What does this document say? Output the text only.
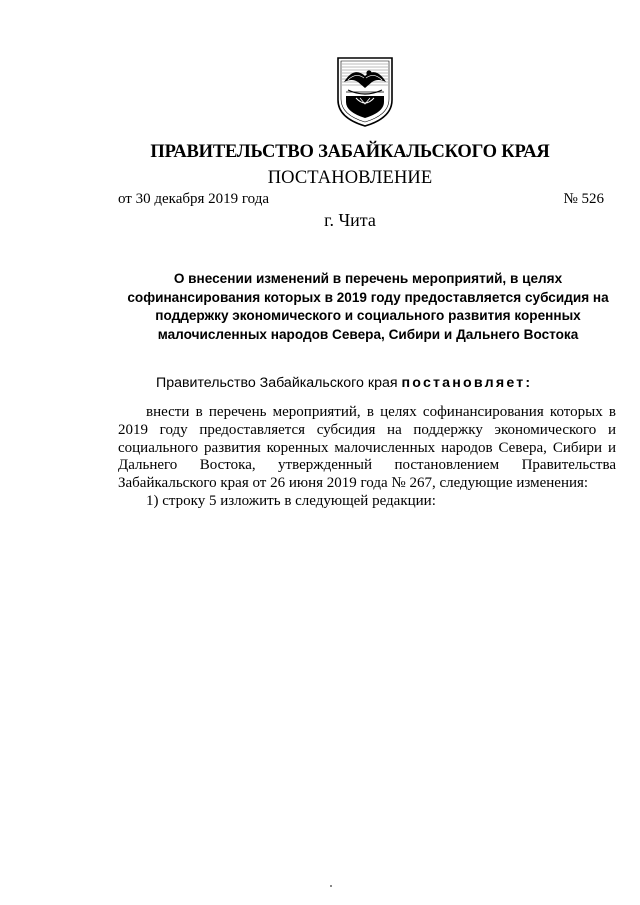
ПРАВИТЕЛЬСТВО ЗАБАЙКАЛЬСКОГО КРАЯ
ПОСТАНОВЛЕНИЕ
от 30 декабря 2019 года	№ 526
г. Чита
О внесении изменений в перечень мероприятий, в целях
софинансирования которых в 2019 году предоставляется субсидия на
поддержку экономического и социального развития коренных
малочисленных народов Севера, Сибири и Дальнего Востока
Правительство Забайкальского края постановляет:

внести в перечень мероприятий, в целях софинансирования которых в 2019 году предоставляется субсидия на поддержку экономического и социального развития коренных малочисленных народов Севера, Сибири и Дальнего Востока, утвержденный постановлением Правительства Забайкальского края от 26 июня 2019 года № 267, следующие изменения:

1) строку 5 изложить в следующей редакции:
